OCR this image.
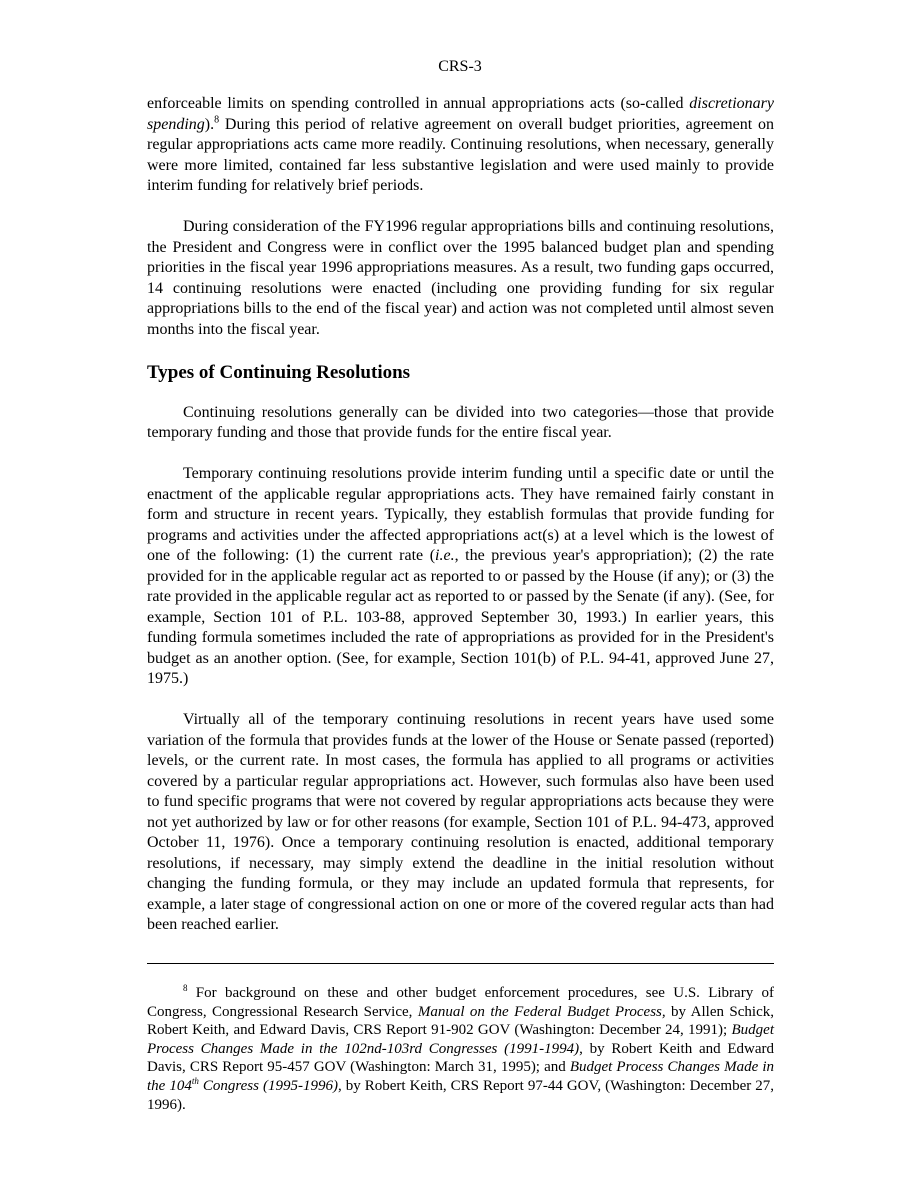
CRS-3

enforceable limits on spending controlled in annual appropriations acts (so-called discretionary spending).$^8$ During this period of relative agreement on overall budget priorities, agreement on regular appropriations acts came more readily. Continuing resolutions, when necessary, generally were more limited, contained far less substantive legislation and were used mainly to provide interim funding for relatively brief periods.

During consideration of the FY1996 regular appropriations bills and continuing resolutions, the President and Congress were in conflict over the 1995 balanced budget plan and spending priorities in the fiscal year 1996 appropriations measures. As a result, two funding gaps occurred, 14 continuing resolutions were enacted (including one providing funding for six regular appropriations bills to the end of the fiscal year) and action was not completed until almost seven months into the fiscal year.

Types of Continuing Resolutions

Continuing resolutions generally can be divided into two categories—those that provide temporary funding and those that provide funds for the entire fiscal year.

Temporary continuing resolutions provide interim funding until a specific date or until the enactment of the applicable regular appropriations acts. They have remained fairly constant in form and structure in recent years. Typically, they establish formulas that provide funding for programs and activities under the affected appropriations act(s) at a level which is the lowest of one of the following: (1) the current rate (i.e., the previous year's appropriation); (2) the rate provided for in the applicable regular act as reported to or passed by the House (if any); or (3) the rate provided in the applicable regular act as reported to or passed by the Senate (if any). (See, for example, Section 101 of P.L. 103-88, approved September 30, 1993.) In earlier years, this funding formula sometimes included the rate of appropriations as provided for in the President's budget as an another option. (See, for example, Section 101(b) of P.L. 94-41, approved June 27, 1975.)

Virtually all of the temporary continuing resolutions in recent years have used some variation of the formula that provides funds at the lower of the House or Senate passed (reported) levels, or the current rate. In most cases, the formula has applied to all programs or activities covered by a particular regular appropriations act. However, such formulas also have been used to fund specific programs that were not covered by regular appropriations acts because they were not yet authorized by law or for other reasons (for example, Section 101 of P.L. 94-473, approved October 11, 1976). Once a temporary continuing resolution is enacted, additional temporary resolutions, if necessary, may simply extend the deadline in the initial resolution without changing the funding formula, or they may include an updated formula that represents, for example, a later stage of congressional action on one or more of the covered regular acts than had been reached earlier.

$^8$ For background on these and other budget enforcement procedures, see U.S. Library of Congress, Congressional Research Service, Manual on the Federal Budget Process, by Allen Schick, Robert Keith, and Edward Davis, CRS Report 91-902 GOV (Washington: December 24, 1991); Budget Process Changes Made in the 102nd-103rd Congresses (1991-1994), by Robert Keith and Edward Davis, CRS Report 95-457 GOV (Washington: March 31, 1995); and Budget Process Changes Made in the 104th Congress (1995-1996), by Robert Keith, CRS Report 97-44 GOV, (Washington: December 27, 1996).
